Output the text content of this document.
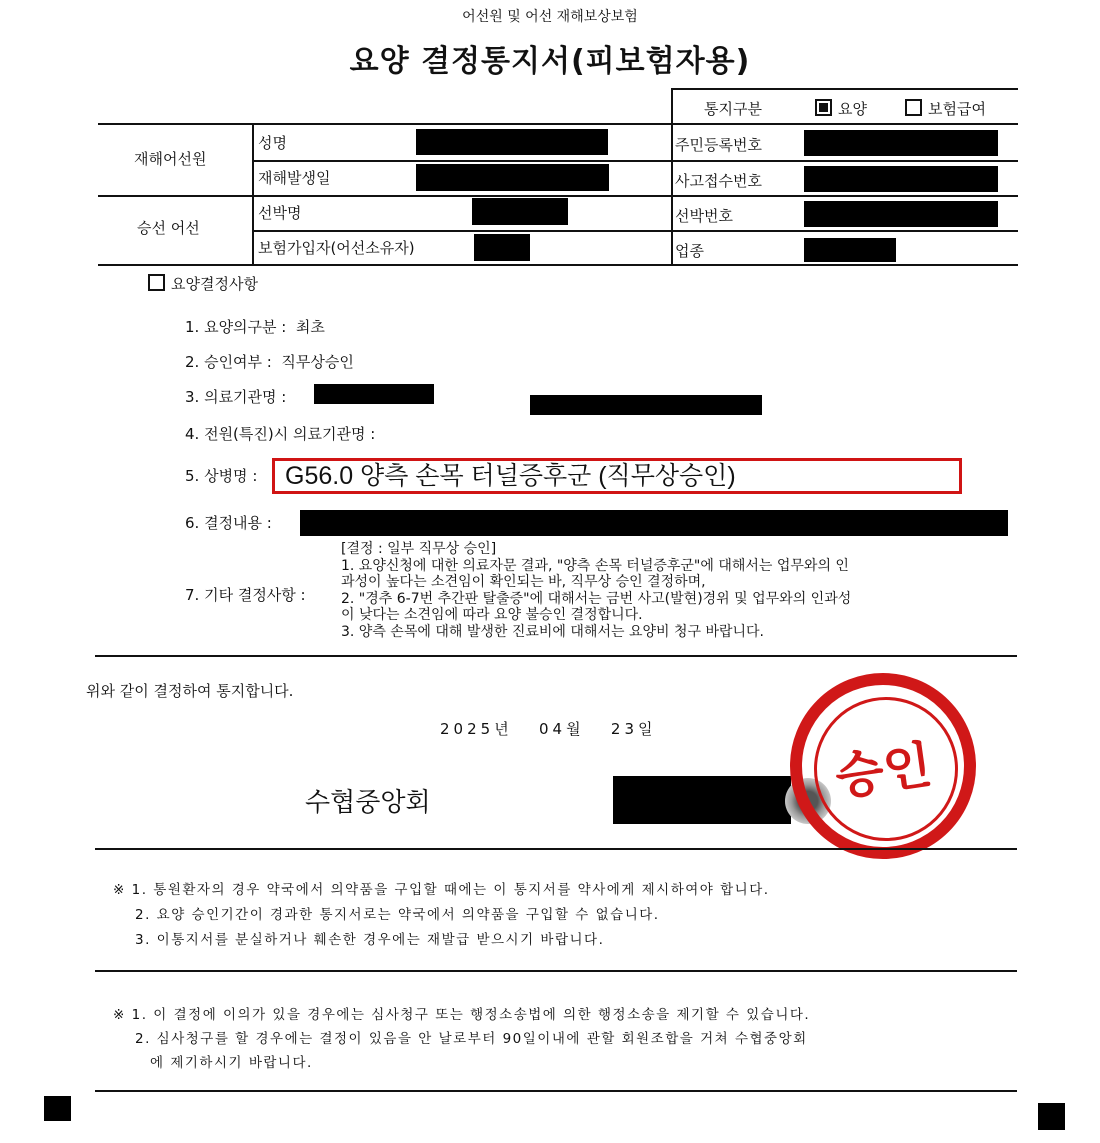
어선원 및 어선 재해보상보험
요양 결정통지서(피보험자용)
통지구분	요양	보험급여
재해어선원
승선 어선
성명	주민등록번호
재해발생일	사고접수번호
선박명	선박번호
보험가입자(어선소유자)	업종
요양결정사항
1. 요양의구분 : 최초
2. 승인여부 : 직무상승인
3. 의료기관명 :
4. 전원(특진)시 의료기관명 :
5. 상병명 :	G56.0 양측 손목 터널증후군 (직무상승인)
6. 결정내용 :
7. 기타 결정사항 :
[결정 : 일부 직무상 승인]
1. 요양신청에 대한 의료자문 결과, "양측 손목 터널증후군"에 대해서는 업무와의 인
과성이 높다는 소견임이 확인되는 바, 직무상 승인 결정하며,
2. "경추 6-7번 추간판 탈출증"에 대해서는 금번 사고(발현)경위 및 업무와의 인과성
이 낮다는 소견임에 따라 요양 불승인 결정합니다.
3. 양측 손목에 대해 발생한 진료비에 대해서는 요양비 청구 바랍니다.
위와 같이 결정하여 통지합니다.
2025년 04월 23일
수협중앙회	승인
※ 1. 통원환자의 경우 약국에서 의약품을 구입할 때에는 이 통지서를 약사에게 제시하여야 합니다.
2. 요양 승인기간이 경과한 통지서로는 약국에서 의약품을 구입할 수 없습니다.
3. 이통지서를 분실하거나 훼손한 경우에는 재발급 받으시기 바랍니다.
※ 1. 이 결정에 이의가 있을 경우에는 심사청구 또는 행정소송법에 의한 행정소송을 제기할 수 있습니다.
2. 심사청구를 할 경우에는 결정이 있음을 안 날로부터 90일이내에 관할 회원조합을 거쳐 수협중앙회
에 제기하시기 바랍니다.
